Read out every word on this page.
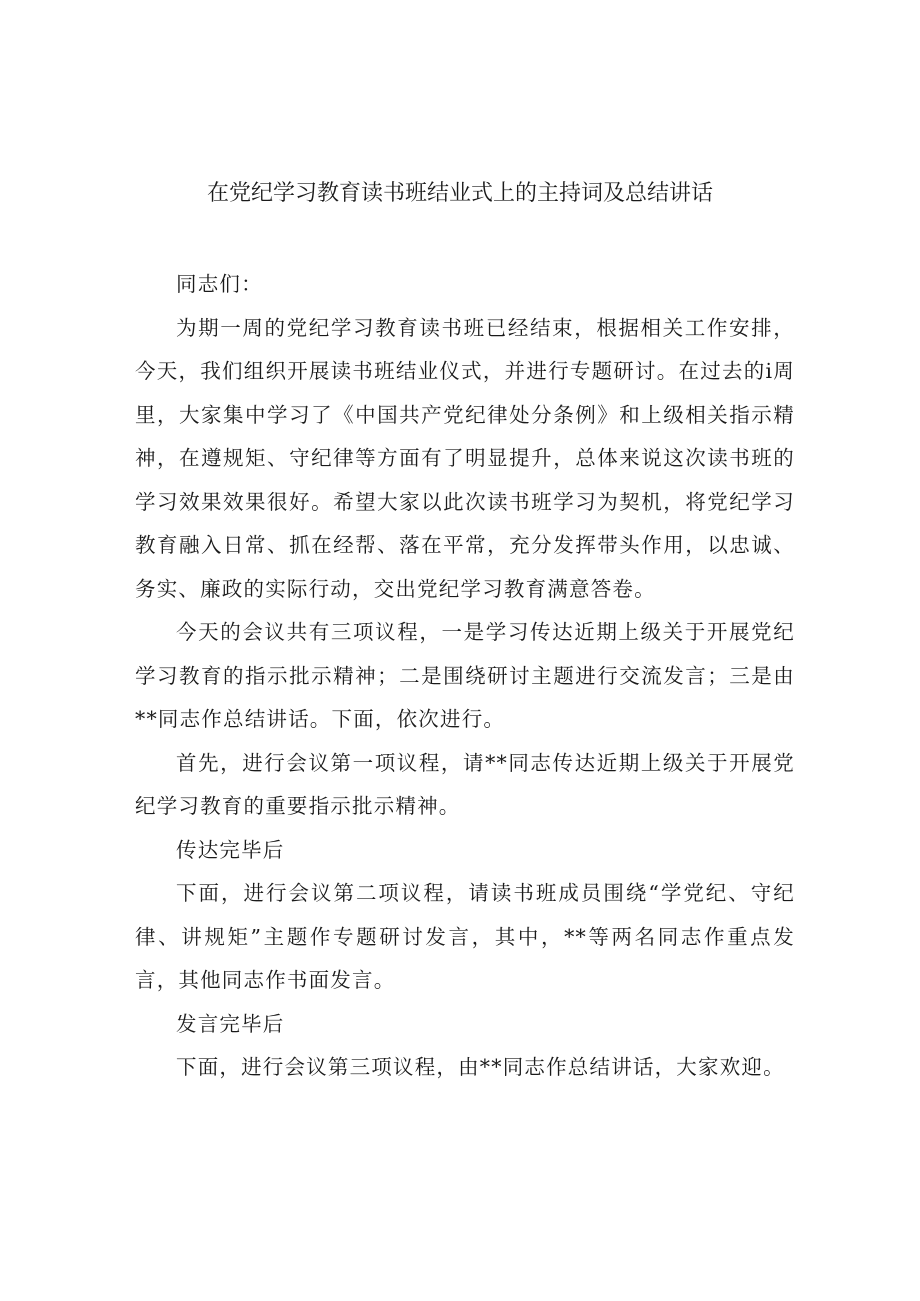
在党纪学习教育读书班结业式上的主持词及总结讲话

同志们：

为期一周的党纪学习教育读书班已经结束，根据相关工作安排，今天，我们组织开展读书班结业仪式，并进行专题研讨。在过去的i周里，大家集中学习了《中国共产党纪律处分条例》和上级相关指示精神，在遵规矩、守纪律等方面有了明显提升，总体来说这次读书班的学习效果效果很好。希望大家以此次读书班学习为契机，将党纪学习教育融入日常、抓在经帮、落在平常，充分发挥带头作用，以忠诚、务实、廉政的实际行动，交出党纪学习教育满意答卷。

今天的会议共有三项议程，一是学习传达近期上级关于开展党纪学习教育的指示批示精神；二是围绕研讨主题进行交流发言；三是由**同志作总结讲话。下面，依次进行。

首先，进行会议第一项议程，请**同志传达近期上级关于开展党纪学习教育的重要指示批示精神。

传达完毕后

下面，进行会议第二项议程，请读书班成员围绕“学党纪、守纪律、讲规矩”主题作专题研讨发言，其中，**等两名同志作重点发言，其他同志作书面发言。

发言完毕后

下面，进行会议第三项议程，由**同志作总结讲话，大家欢迎。
